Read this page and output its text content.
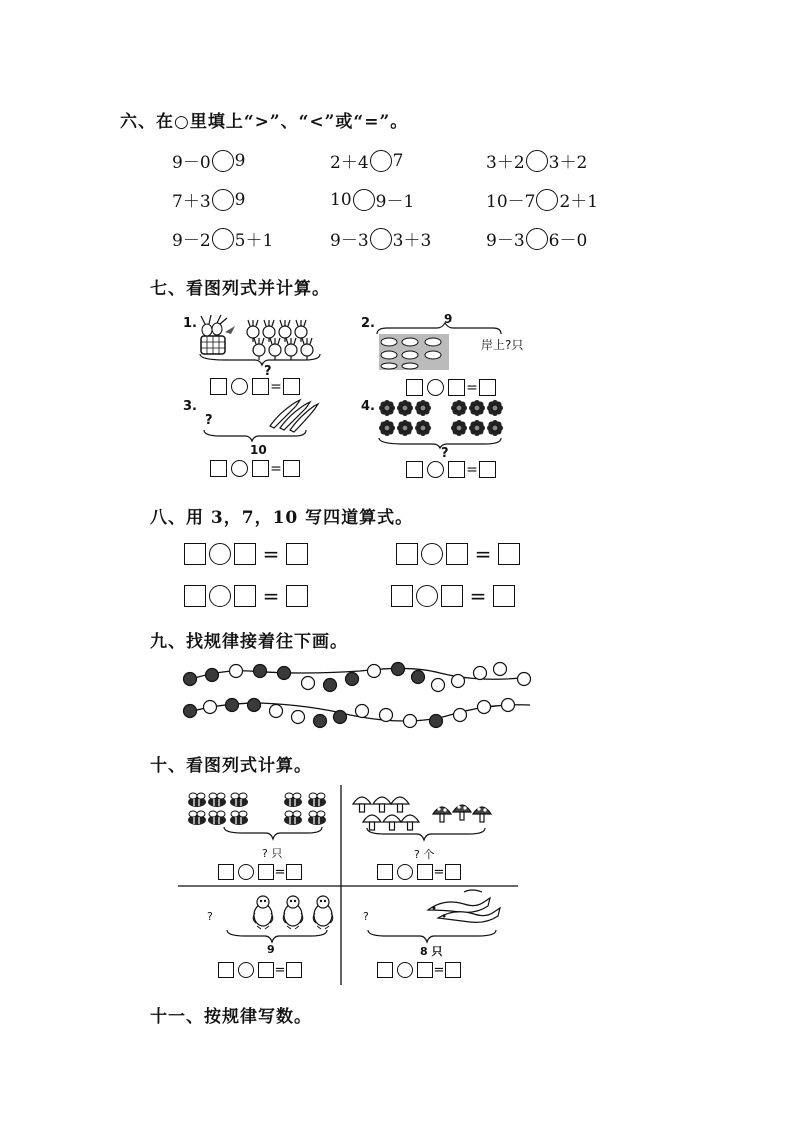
六、在○里填上“>”、“<”或“=”。
9－0 9	2＋4 7	3＋2 3＋2
7＋3 9	10 9－1	10－7 2＋1
9－2 5＋1	9－3 3＋3	9－3 6－0
七、看图列式并计算。
1.
?
=
2.	9
岸上?只
=
3.
?
10
=
4.
?
=
八、用 3，7，10 写四道算式。
=	=
=	=
九、找规律接着往下画。
十、看图列式计算。
? 只
=
? 个
=
?
9
=
?
8 只
=
十一、按规律写数。
